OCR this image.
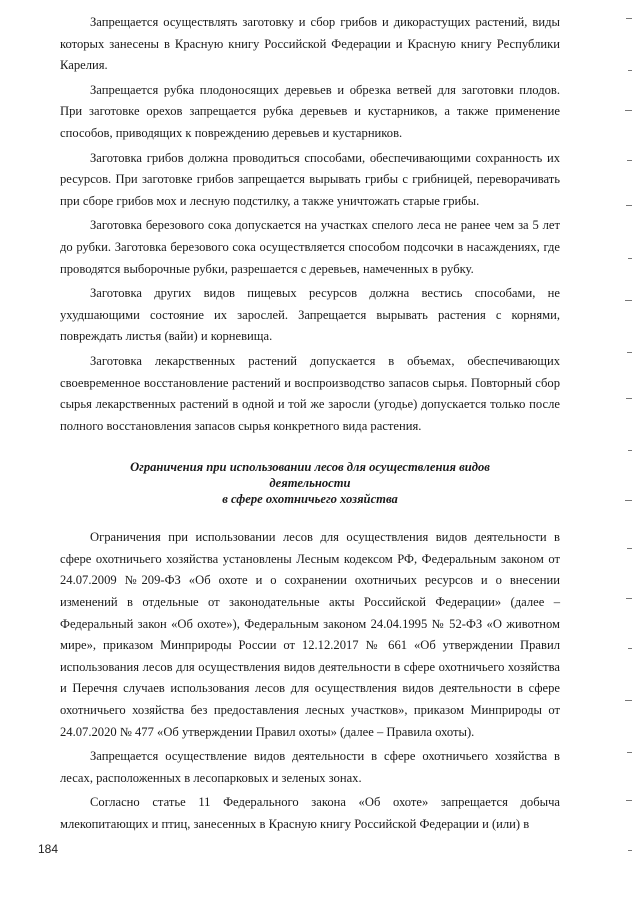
Запрещается осуществлять заготовку и сбор грибов и дикорастущих растений, виды которых занесены в Красную книгу Российской Федерации и Красную книгу Республики Карелия.

Запрещается рубка плодоносящих деревьев и обрезка ветвей для заготовки плодов. При заготовке орехов запрещается рубка деревьев и кустарников, а также применение способов, приводящих к повреждению деревьев и кустарников.

Заготовка грибов должна проводиться способами, обеспечивающими сохранность их ресурсов. При заготовке грибов запрещается вырывать грибы с грибницей, переворачивать при сборе грибов мох и лесную подстилку, а также уничтожать старые грибы.

Заготовка березового сока допускается на участках спелого леса не ранее чем за 5 лет до рубки. Заготовка березового сока осуществляется способом подсочки в насаждениях, где проводятся выборочные рубки, разрешается с деревьев, намеченных в рубку.

Заготовка других видов пищевых ресурсов должна вестись способами, не ухудшающими состояние их зарослей. Запрещается вырывать растения с корнями, повреждать листья (вайи) и корневища.

Заготовка лекарственных растений допускается в объемах, обеспечивающих своевременное восстановление растений и воспроизводство запасов сырья. Повторный сбор сырья лекарственных растений в одной и той же заросли (угодье) допускается только после полного восстановления запасов сырья конкретного вида растения.

Ограничения при использовании лесов для осуществления видов деятельности
в сфере охотничьего хозяйства

Ограничения при использовании лесов для осуществления видов деятельности в сфере охотничьего хозяйства установлены Лесным кодексом РФ, Федеральным законом от 24.07.2009 №209-ФЗ «Об охоте и о сохранении охотничьих ресурсов и о внесении изменений в отдельные от законодательные акты Российской Федерации» (далее – Федеральный закон «Об охоте»), Федеральным законом 24.04.1995 № 52-ФЗ «О животном мире», приказом Минприроды России от 12.12.2017 № 661 «Об утверждении Правил использования лесов для осуществления видов деятельности в сфере охотничьего хозяйства и Перечня случаев использования лесов для осуществления видов деятельности в сфере охотничьего хозяйства без предоставления лесных участков», приказом Минприроды от 24.07.2020 № 477 «Об утверждении Правил охоты» (далее – Правила охоты).

Запрещается осуществление видов деятельности в сфере охотничьего хозяйства в лесах, расположенных в лесопарковых и зеленых зонах.

Согласно статье 11 Федерального закона «Об охоте» запрещается добыча млекопитающих и птиц, занесенных в Красную книгу Российской Федерации и (или) в

184
